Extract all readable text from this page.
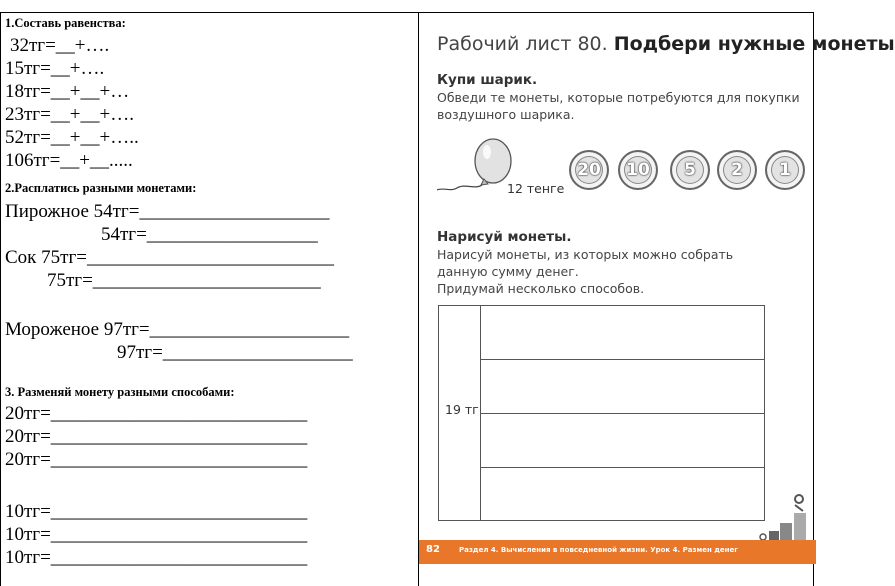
1.Составь равенства:
32тг=__+….
15тг=__+….
18тг=__+__+…
23тг=__+__+….
52тг=__+__+…..
106тг=__+__.....
2.Расплатись разными монетами:
Пирожное 54тг=____________________
54тг=__________________
Сок 75тг=__________________________
75тг=________________________
Мороженое 97тг=_____________________
97тг=____________________
3. Разменяй монету разными способами:
20тг=___________________________
20тг=___________________________
20тг=___________________________
10тг=___________________________
10тг=___________________________
10тг=___________________________
Рабочий лист 80. Подбери нужные монеты
Купи шарик.
Обведи те монеты, которые потребуются для покупки
воздушного шарика.
12 тенге
20	10	5	2	1
Нарисуй монеты.
Нарисуй монеты, из которых можно собрать
данную сумму денег.
Придумай несколько способов.
19 тг
82	Раздел 4. Вычисления в повседневной жизни. Урок 4. Размен денег
